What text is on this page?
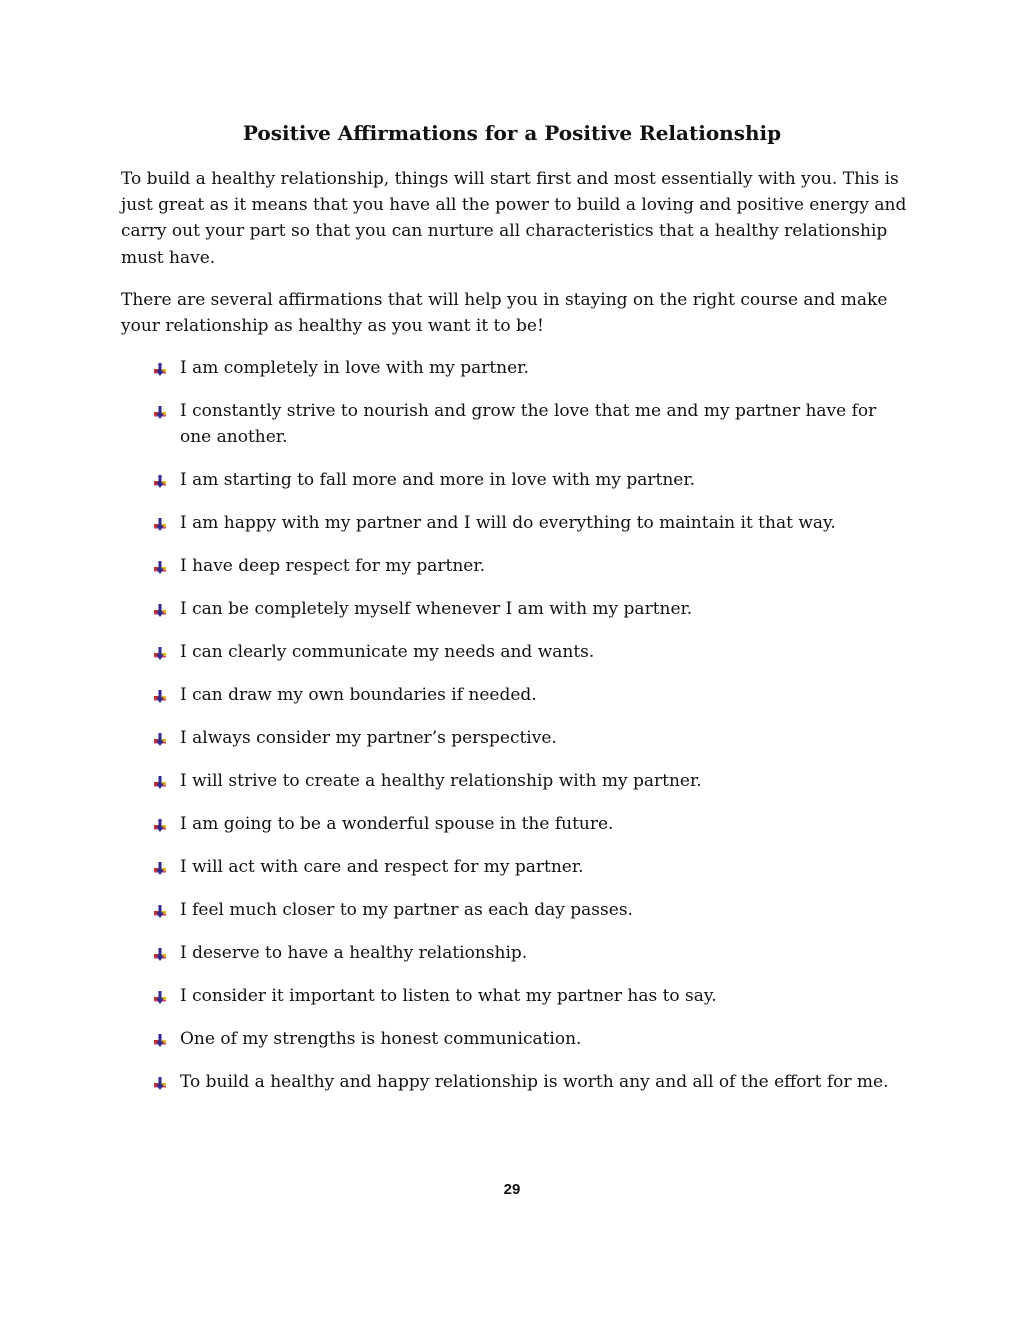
Positive Affirmations for a Positive Relationship

To build a healthy relationship, things will start first and most essentially with you. This is just great as it means that you have all the power to build a loving and positive energy and carry out your part so that you can nurture all characteristics that a healthy relationship must have.

There are several affirmations that will help you in staying on the right course and make your relationship as healthy as you want it to be!

I am completely in love with my partner.
I constantly strive to nourish and grow the love that me and my partner have for one another.
I am starting to fall more and more in love with my partner.
I am happy with my partner and I will do everything to maintain it that way.
I have deep respect for my partner.
I can be completely myself whenever I am with my partner.
I can clearly communicate my needs and wants.
I can draw my own boundaries if needed.
I always consider my partner’s perspective.
I will strive to create a healthy relationship with my partner.
I am going to be a wonderful spouse in the future.
I will act with care and respect for my partner.
I feel much closer to my partner as each day passes.
I deserve to have a healthy relationship.
I consider it important to listen to what my partner has to say.
One of my strengths is honest communication.
To build a healthy and happy relationship is worth any and all of the effort for me.
29
